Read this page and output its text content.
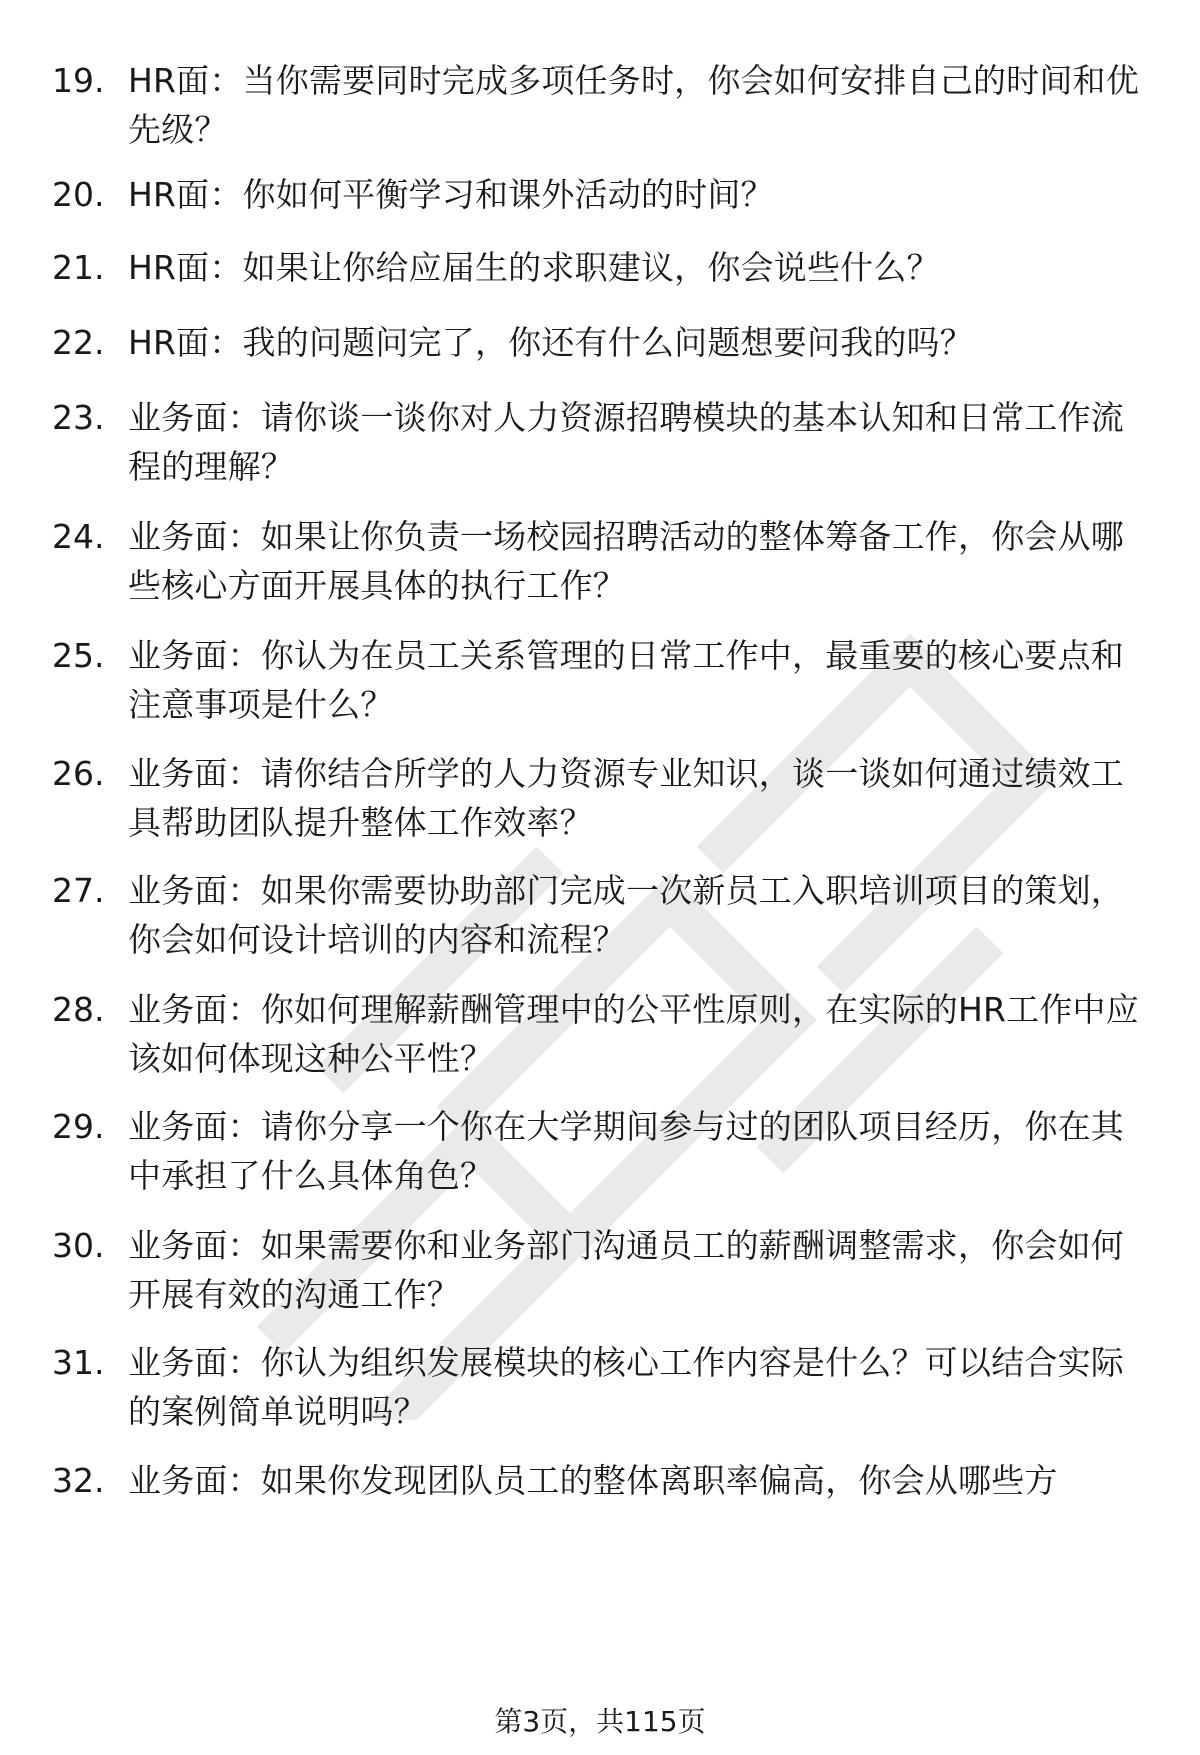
19. HR面：当你需要同时完成多项任务时，你会如何安排自己的时间和优先级？
20. HR面：你如何平衡学习和课外活动的时间？
21. HR面：如果让你给应届生的求职建议，你会说些什么？
22. HR面：我的问题问完了，你还有什么问题想要问我的吗？
23. 业务面：请你谈一谈你对人力资源招聘模块的基本认知和日常工作流程的理解？
24. 业务面：如果让你负责一场校园招聘活动的整体筹备工作，你会从哪些核心方面开展具体的执行工作？
25. 业务面：你认为在员工关系管理的日常工作中，最重要的核心要点和注意事项是什么？
26. 业务面：请你结合所学的人力资源专业知识，谈一谈如何通过绩效工具帮助团队提升整体工作效率？
27. 业务面：如果你需要协助部门完成一次新员工入职培训项目的策划，你会如何设计培训的内容和流程？
28. 业务面：你如何理解薪酬管理中的公平性原则，在实际的HR工作中应该如何体现这种公平性？
29. 业务面：请你分享一个你在大学期间参与过的团队项目经历，你在其中承担了什么具体角色？
30. 业务面：如果需要你和业务部门沟通员工的薪酬调整需求，你会如何开展有效的沟通工作？
31. 业务面：你认为组织发展模块的核心工作内容是什么？可以结合实际的案例简单说明吗？
32. 业务面：如果你发现团队员工的整体离职率偏高，你会从哪些方
第3页，共115页
